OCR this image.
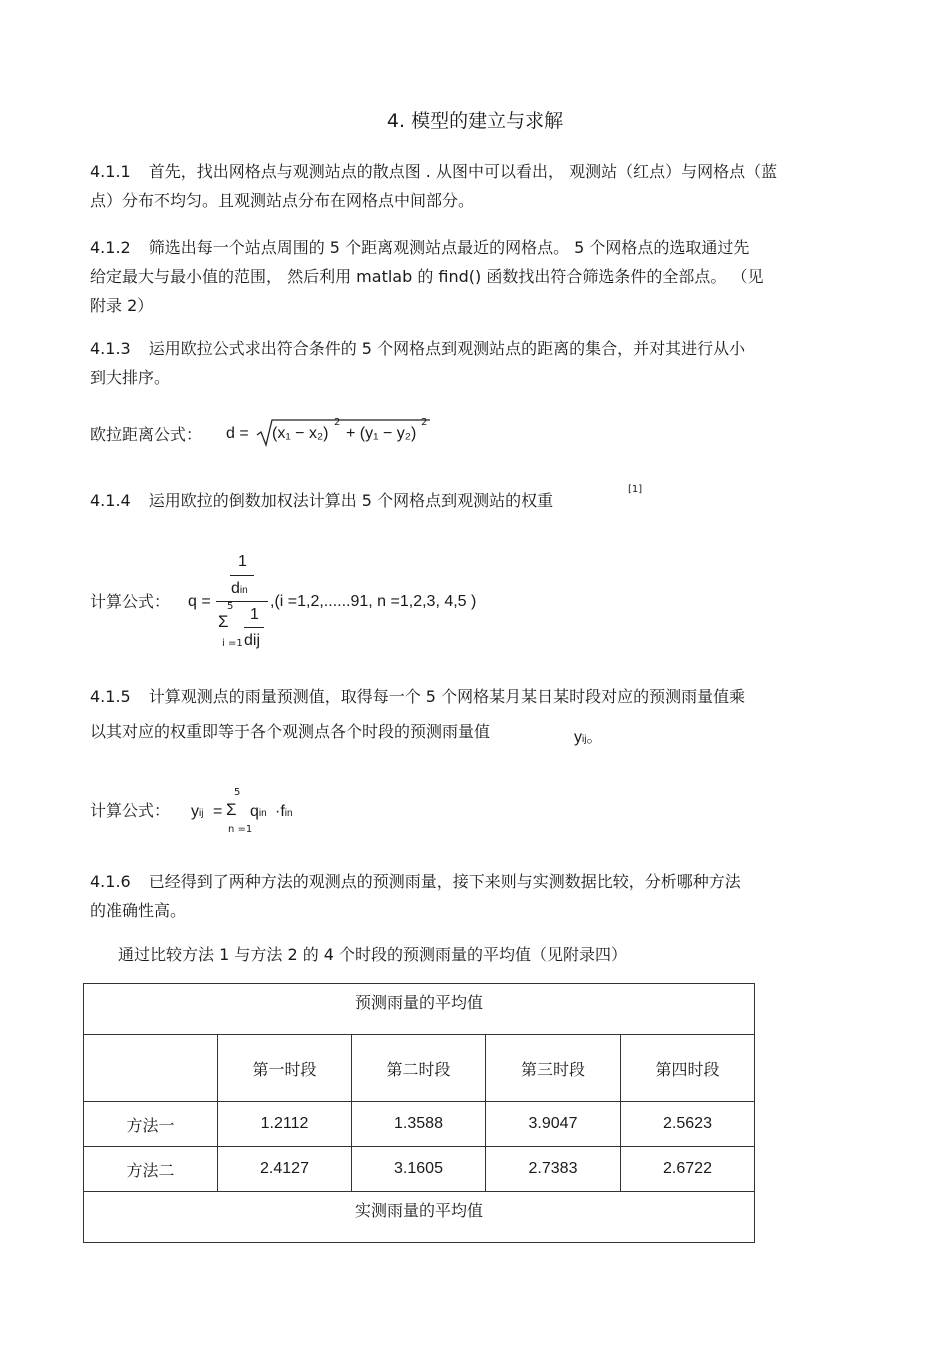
4. 模型的建立与求解
4.1.1 首先，找出网格点与观测站点的散点图 . 从图中可以看出， 观测站（红点）与网格点（蓝
点）分布不均匀。且观测站点分布在网格点中间部分。
4.1.2 筛选出每一个站点周围的 5 个距离观测站点最近的网格点。 5 个网格点的选取通过先
给定最大与最小值的范围， 然后利用 matlab 的 find() 函数找出符合筛选条件的全部点。 （见
附录 2）
4.1.3 运用欧拉公式求出符合条件的 5 个网格点到观测站点的距离的集合，并对其进行从小
到大排序。
欧拉距离公式： d = (x₁ − x₂)
2
+ (y₁ − y₂)
2
4.1.4 运用欧拉的倒数加权法计算出 5 个网格点到观测站的权重
[1]
计算公式： q =
1
din
5
Σ
i =1
1
dij
,(i =1,2,......91, n =1,2,3, 4,5 )
4.1.5 计算观测点的雨量预测值，取得每一个 5 个网格某月某日某时段对应的预测雨量值乘
以其对应的权重即等于各个观测点各个时段的预测雨量值	yij。
计算公式： yij =
5
Σ
n =1
qin ·fin
4.1.6 已经得到了两种方法的观测点的预测雨量，接下来则与实测数据比较，分析哪种方法
的准确性高。
通过比较方法 1 与方法 2 的 4 个时段的预测雨量的平均值（见附录四）
预测雨量的平均值				
	第一时段	第二时段	第三时段	第四时段
方法一	1.2112	1.3588	3.9047	2.5623
方法二	2.4127	3.1605	2.7383	2.6722
实测雨量的平均值				
